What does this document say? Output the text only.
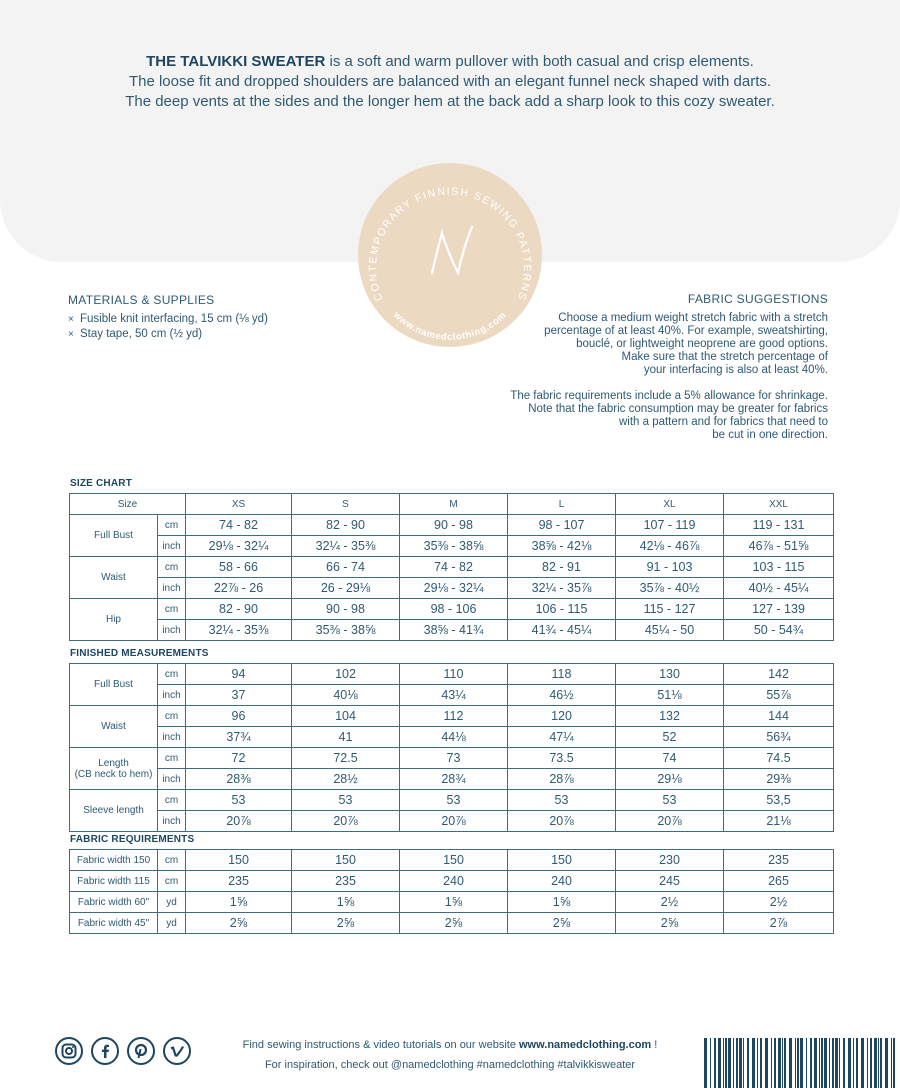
THE TALVIKKI SWEATER is a soft and warm pullover with both casual and crisp elements.
The loose fit and dropped shoulders are balanced with an elegant funnel neck shaped with darts.
The deep vents at the sides and the longer hem at the back add a sharp look to this cozy sweater.
CONTEMPORARY FINNISH SEWING PATTERNS
www.namedclothing.com
MATERIALS & SUPPLIES
× Fusible knit interfacing, 15 cm (⅛ yd)
× Stay tape, 50 cm (½ yd)
FABRIC SUGGESTIONS
Choose a medium weight stretch fabric with a stretch
percentage of at least 40%. For example, sweatshirting,
bouclé, or lightweight neoprene are good options.
Make sure that the stretch percentage of
your interfacing is also at least 40%.
The fabric requirements include a 5% allowance for shrinkage.
Note that the fabric consumption may be greater for fabrics
with a pattern and for fabrics that need to
be cut in one direction.
SIZE CHART
Size		XS	S	M	L	XL	XXL

Full Bust	cm	74 - 82	82 - 90	90 - 98	98 - 107	107 - 119	119 - 131
	inch	29⅛ - 32¼	32¼ - 35⅜	35⅜ - 38⅝	38⅝ - 42⅛	42⅛ - 46⅞	46⅞ - 51⅝

Waist	cm	58 - 66	66 - 74	74 - 82	82 - 91	91 - 103	103 - 115
	inch	22⅞ - 26	26 - 29⅛	29⅛ - 32¼	32¼ - 35⅞	35⅞ - 40½	40½ - 45¼

Hip	cm	82 - 90	90 - 98	98 - 106	106 - 115	115 - 127	127 - 139
	inch	32¼ - 35⅜	35⅜ - 38⅝	38⅝ - 41¾	41¾ - 45¼	45¼ - 50	50 - 54¾
FINISHED MEASUREMENTS
Full Bust	cm	94	102	110	118	130	142
	inch	37	40⅛	43¼	46½	51⅛	55⅞

Waist	cm	96	104	112	120	132	144
	inch	37¾	41	44⅛	47¼	52	56¾

Length
(CB neck to hem)	cm	72	72.5	73	73.5	74	74.5
	inch	28⅜	28½	28¾	28⅞	29⅛	29⅜

Sleeve length	cm	53	53	53	53	53	53,5
	inch	20⅞	20⅞	20⅞	20⅞	20⅞	21⅛
FABRIC REQUIREMENTS
Fabric width 150	cm	150	150	150	150	230	235
Fabric width 115	cm	235	235	240	240	245	265
Fabric width 60"	yd	1⅝	1⅝	1⅝	1⅝	2½	2½
Fabric width 45"	yd	2⅝	2⅝	2⅝	2⅝	2⅝	2⅞
Find sewing instructions & video tutorials on our website www.namedclothing.com !
For inspiration, check out @namedclothing #namedclothing #talvikkisweater
